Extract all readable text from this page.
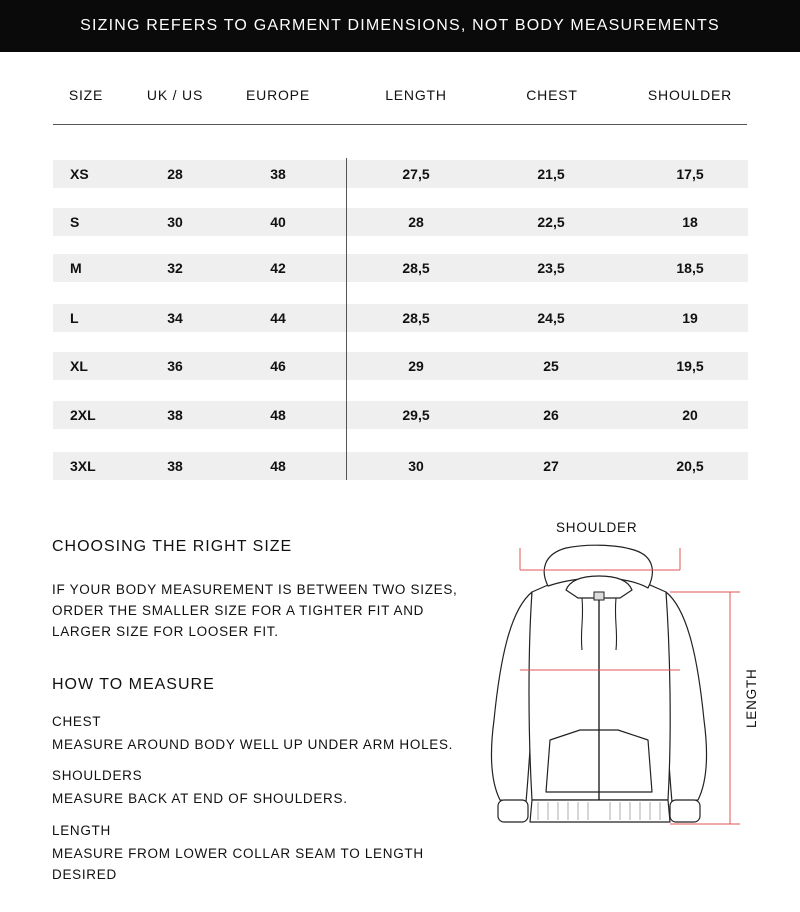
SIZING REFERS TO GARMENT DIMENSIONS, NOT BODY MEASUREMENTS
SIZE	UK / US	EUROPE	LENGTH	CHEST	SHOULDER
XS	28	38	27,5	21,5	17,5
S	30	40	28	22,5	18
M	32	42	28,5	23,5	18,5
L	34	44	28,5	24,5	19
XL	36	46	29	25	19,5
2XL	38	48	29,5	26	20
3XL	38	48	30	27	20,5
CHOOSING THE RIGHT SIZE
IF YOUR BODY MEASUREMENT IS BETWEEN TWO SIZES,
ORDER THE SMALLER SIZE FOR A TIGHTER FIT AND
LARGER SIZE FOR LOOSER FIT.
HOW TO MEASURE
CHEST
MEASURE AROUND BODY WELL UP UNDER ARM HOLES.
SHOULDERS
MEASURE BACK AT END OF SHOULDERS.
LENGTH
MEASURE FROM LOWER COLLAR SEAM TO LENGTH
DESIRED
SHOULDER
LENGTH
